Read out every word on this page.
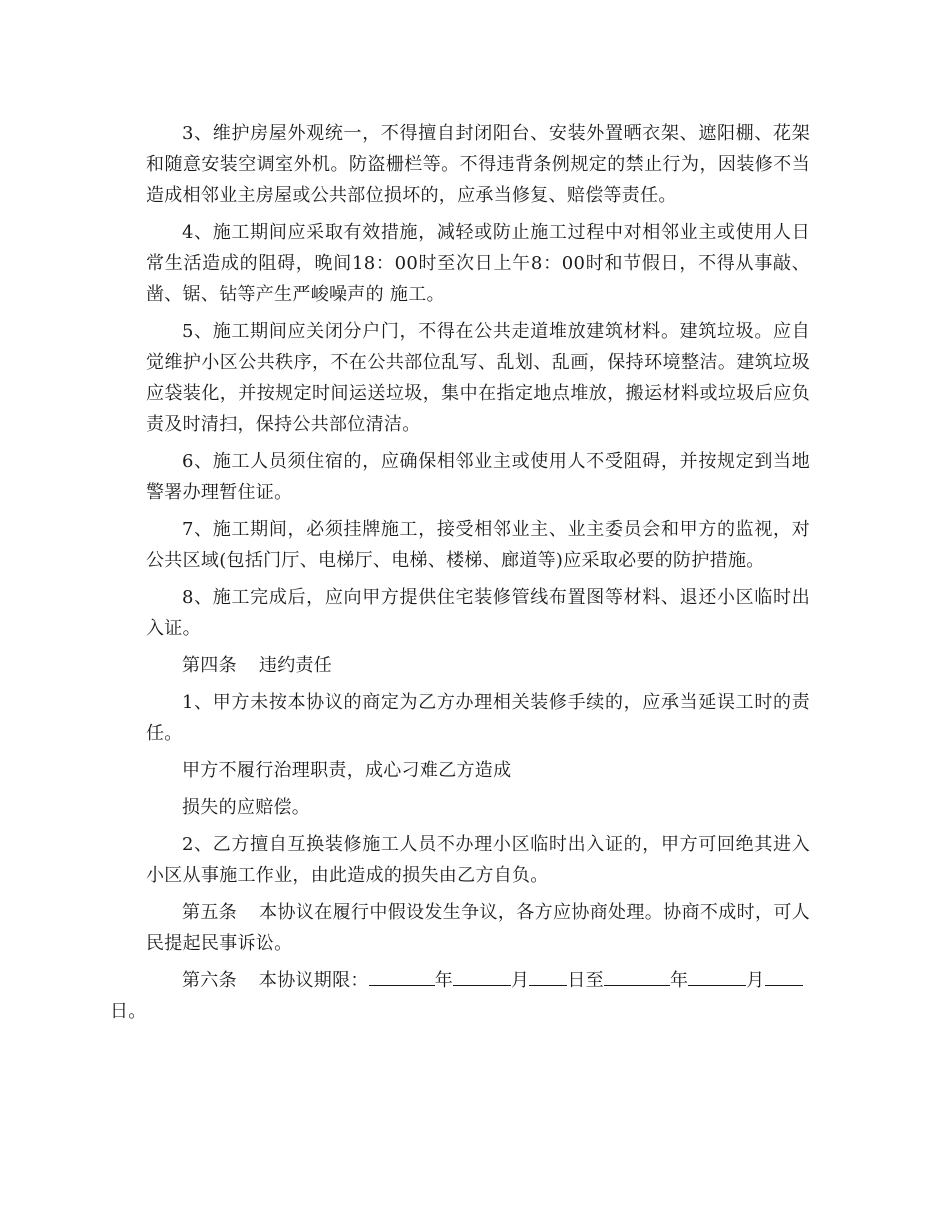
3、维护房屋外观统一，不得擅自封闭阳台、安装外置晒衣架、遮阳棚、花架和随意安装空调室外机。防盗栅栏等。不得违背条例规定的禁止行为，因装修不当造成相邻业主房屋或公共部位损坏的，应承当修复、赔偿等责任。

4、施工期间应采取有效措施，减轻或防止施工过程中对相邻业主或使用人日常生活造成的阻碍，晚间18：00时至次日上午8：00时和节假日，不得从事敲、凿、锯、钻等产生严峻噪声的 施工。

5、施工期间应关闭分户门，不得在公共走道堆放建筑材料。建筑垃圾。应自觉维护小区公共秩序，不在公共部位乱写、乱划、乱画，保持环境整洁。建筑垃圾应袋装化，并按规定时间运送垃圾，集中在指定地点堆放，搬运材料或垃圾后应负责及时清扫，保持公共部位清洁。

6、施工人员须住宿的，应确保相邻业主或使用人不受阻碍，并按规定到当地警署办理暂住证。

7、施工期间，必须挂牌施工，接受相邻业主、业主委员会和甲方的监视，对公共区域(包括门厅、电梯厅、电梯、楼梯、廊道等)应采取必要的防护措施。

8、施工完成后，应向甲方提供住宅装修管线布置图等材料、退还小区临时出入证。

第四条 违约责任

1、甲方未按本协议的商定为乙方办理相关装修手续的，应承当延误工时的责任。

甲方不履行治理职责，成心刁难乙方造成

损失的应赔偿。

2、乙方擅自互换装修施工人员不办理小区临时出入证的，甲方可回绝其进入小区从事施工作业，由此造成的损失由乙方自负。

第五条 本协议在履行中假设发生争议，各方应协商处理。协商不成时，可人民提起民事诉讼。

第六条 本协议期限：	年	月 日至	年	月
日。
